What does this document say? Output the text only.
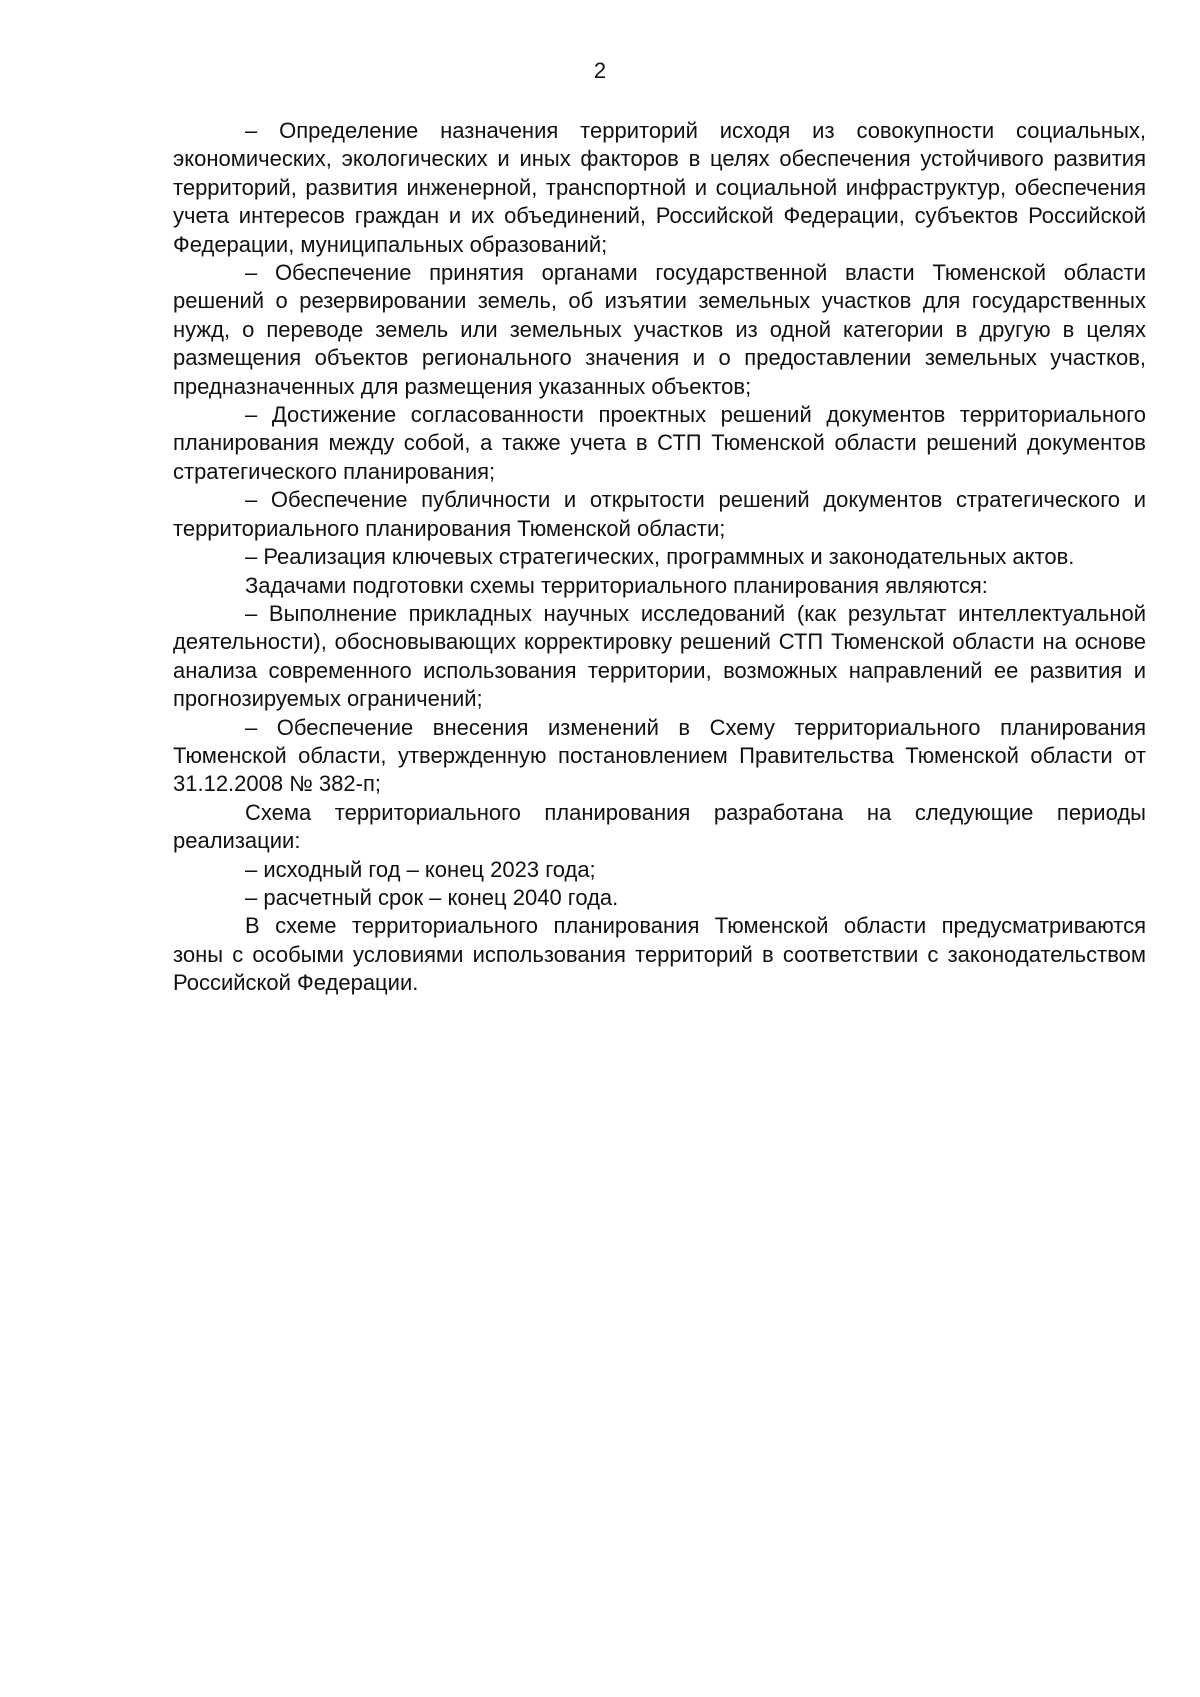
2

– Определение назначения территорий исходя из совокупности социальных, экономических, экологических и иных факторов в целях обеспечения устойчивого развития территорий, развития инженерной, транспортной и социальной инфраструктур, обеспечения учета интересов граждан и их объединений, Российской Федерации, субъектов Российской Федерации, муниципальных образований;

– Обеспечение принятия органами государственной власти Тюменской области решений о резервировании земель, об изъятии земельных участков для государственных нужд, о переводе земель или земельных участков из одной категории в другую в целях размещения объектов регионального значения и о предоставлении земельных участков, предназначенных для размещения указанных объектов;

– Достижение согласованности проектных решений документов территориального планирования между собой, а также учета в СТП Тюменской области решений документов стратегического планирования;

– Обеспечение публичности и открытости решений документов стратегического и территориального планирования Тюменской области;

– Реализация ключевых стратегических, программных и законодательных актов.

Задачами подготовки схемы территориального планирования являются:

– Выполнение прикладных научных исследований (как результат интеллектуальной деятельности), обосновывающих корректировку решений СТП Тюменской области на основе анализа современного использования территории, возможных направлений ее развития и прогнозируемых ограничений;

– Обеспечение внесения изменений в Схему территориального планирования Тюменской области, утвержденную постановлением Правительства Тюменской области от 31.12.2008 № 382-п;

Схема территориального планирования разработана на следующие периоды реализации:

– исходный год – конец 2023 года;

– расчетный срок – конец 2040 года.

В схеме территориального планирования Тюменской области предусматриваются зоны с особыми условиями использования территорий в соответствии с законодательством Российской Федерации.
